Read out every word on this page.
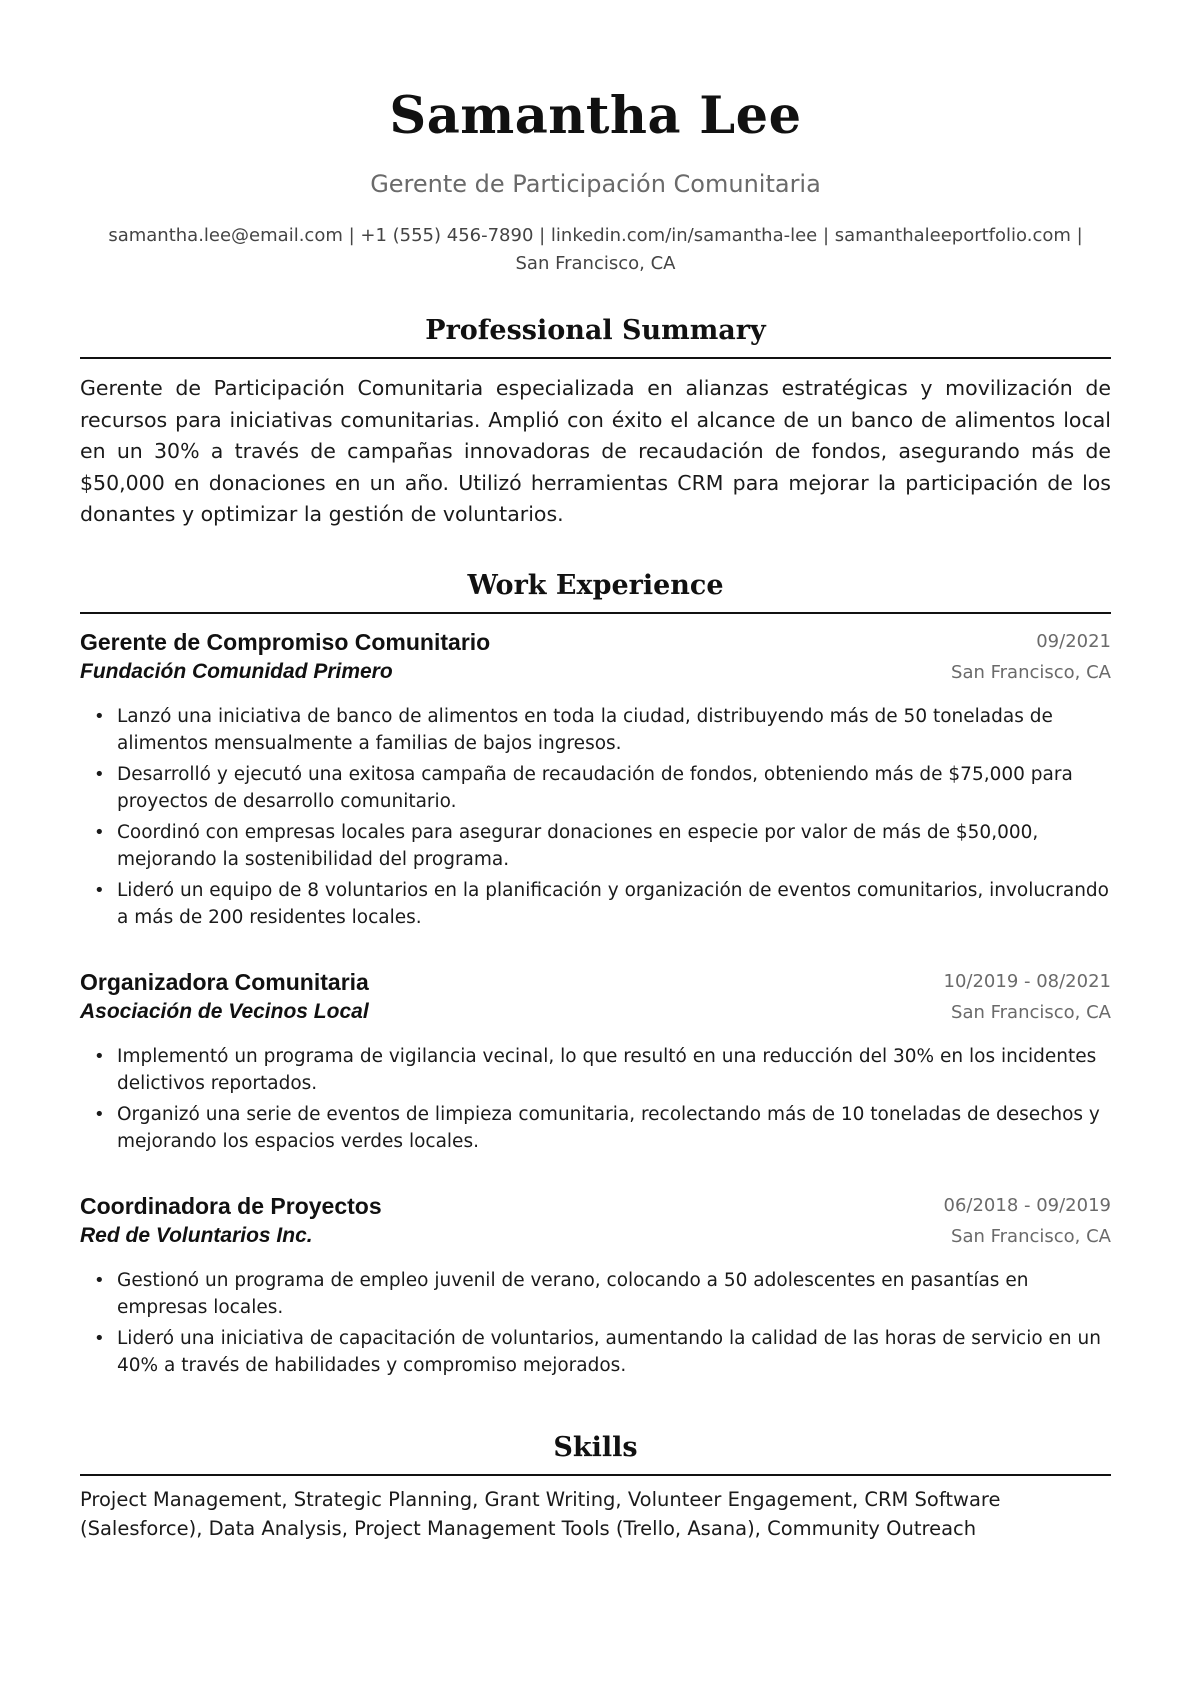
Samantha Lee
Gerente de Participación Comunitaria
samantha.lee@email.com | +1 (555) 456-7890 | linkedin.com/in/samantha-lee | samanthaleeportfolio.com |
San Francisco, CA
Professional Summary
Gerente de Participación Comunitaria especializada en alianzas estratégicas y movilización de recursos para iniciativas comunitarias. Amplió con éxito el alcance de un banco de alimentos local en un 30% a través de campañas innovadoras de recaudación de fondos, asegurando más de $50,000 en donaciones en un año. Utilizó herramientas CRM para mejorar la participación de los donantes y optimizar la gestión de voluntarios.
Work Experience
Gerente de Compromiso Comunitario	09/2021
Fundación Comunidad Primero	San Francisco, CA
• Lanzó una iniciativa de banco de alimentos en toda la ciudad, distribuyendo más de 50 toneladas de alimentos mensualmente a familias de bajos ingresos.
• Desarrolló y ejecutó una exitosa campaña de recaudación de fondos, obteniendo más de $75,000 para proyectos de desarrollo comunitario.
• Coordinó con empresas locales para asegurar donaciones en especie por valor de más de $50,000, mejorando la sostenibilidad del programa.
• Lideró un equipo de 8 voluntarios en la planificación y organización de eventos comunitarios, involucrando a más de 200 residentes locales.
Organizadora Comunitaria	10/2019 - 08/2021
Asociación de Vecinos Local	San Francisco, CA
• Implementó un programa de vigilancia vecinal, lo que resultó en una reducción del 30% en los incidentes delictivos reportados.
• Organizó una serie de eventos de limpieza comunitaria, recolectando más de 10 toneladas de desechos y mejorando los espacios verdes locales.
Coordinadora de Proyectos	06/2018 - 09/2019
Red de Voluntarios Inc.	San Francisco, CA
• Gestionó un programa de empleo juvenil de verano, colocando a 50 adolescentes en pasantías en empresas locales.
• Lideró una iniciativa de capacitación de voluntarios, aumentando la calidad de las horas de servicio en un 40% a través de habilidades y compromiso mejorados.
Skills
Project Management, Strategic Planning, Grant Writing, Volunteer Engagement, CRM Software (Salesforce), Data Analysis, Project Management Tools (Trello, Asana), Community Outreach
